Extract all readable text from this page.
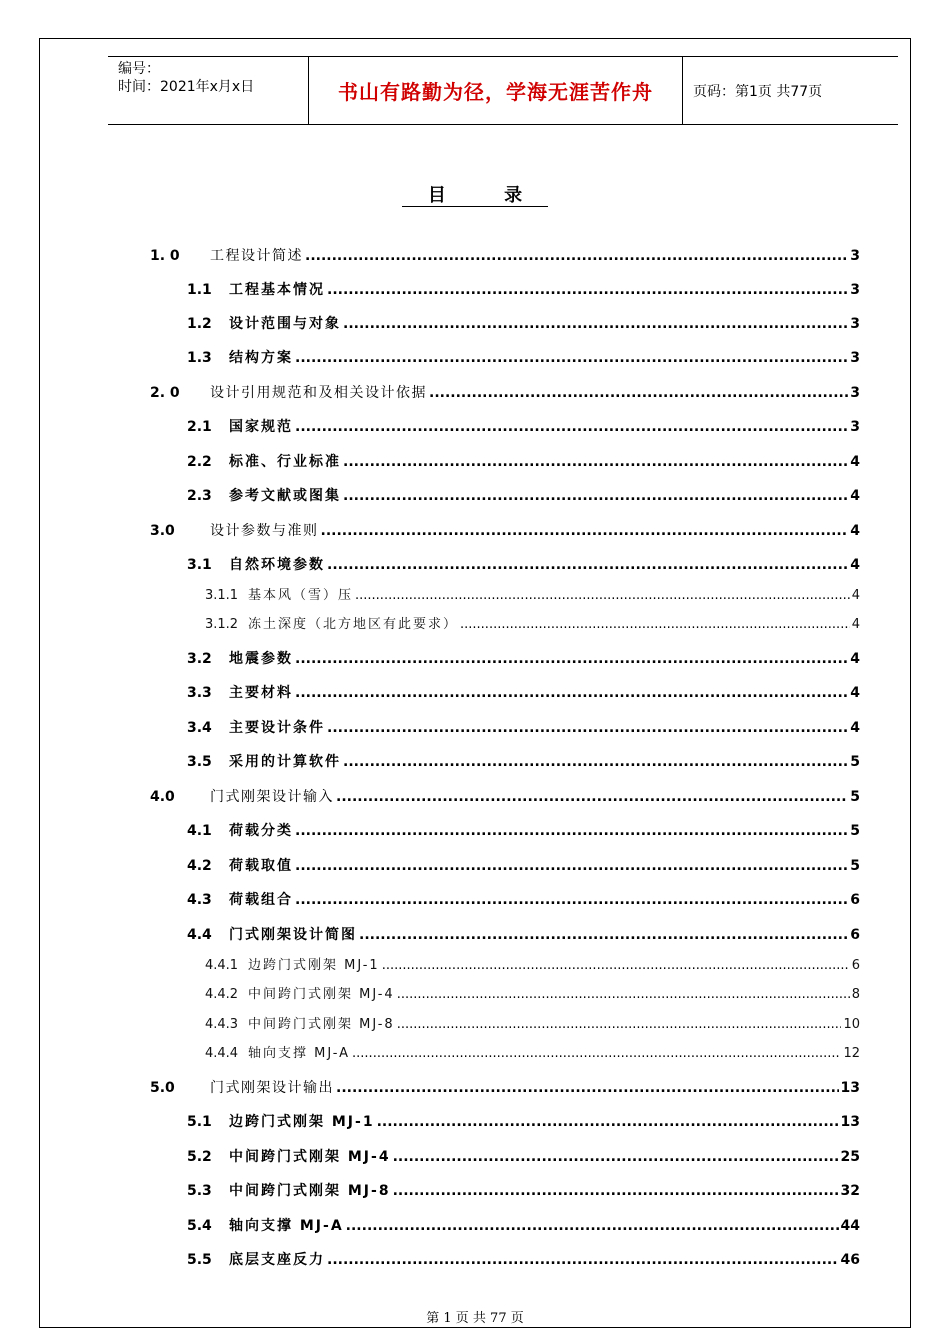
编号：
时间：2021年x月x日	书山有路勤为径，学海无涯苦作舟	页码：第1页 共77页
目 录
1. 0	工程设计简述 .....	3
1.1	工程基本情况 .....	3
1.2	设计范围与对象 .....	3
1.3	结构方案 .....	3
2. 0	设计引用规范和及相关设计依据 .....	3
2.1	国家规范 .....	3
2.2	标准、行业标准 .....	4
2.3	参考文献或图集 .....	4
3.0	设计参数与准则 .....	4
3.1	自然环境参数 .....	4
3.1.1 基本风（雪）压 .....	4
3.1.2 冻土深度（北方地区有此要求） .....	4
3.2	地震参数 .....	4
3.3	主要材料 .....	4
3.4	主要设计条件 .....	4
3.5	采用的计算软件 .....	5
4.0	门式刚架设计输入 .....	5
4.1	荷载分类 .....	5
4.2	荷载取值 .....	5
4.3	荷载组合 .....	6
4.4	门式刚架设计简图 .....	6
4.4.1 边跨门式刚架 MJ-1 .....	6
4.4.2 中间跨门式刚架 MJ-4 .....	8
4.4.3 中间跨门式刚架 MJ-8 .....	10
4.4.4 轴向支撑 MJ-A .....	12
5.0	门式刚架设计输出 .....	13
5.1	边跨门式刚架 MJ-1 .....	13
5.2	中间跨门式刚架 MJ-4 .....	25
5.3	中间跨门式刚架 MJ-8 .....	32
5.4	轴向支撑 MJ-A .....	44
5.5	底层支座反力 .....	46
第 1 页 共 77 页
